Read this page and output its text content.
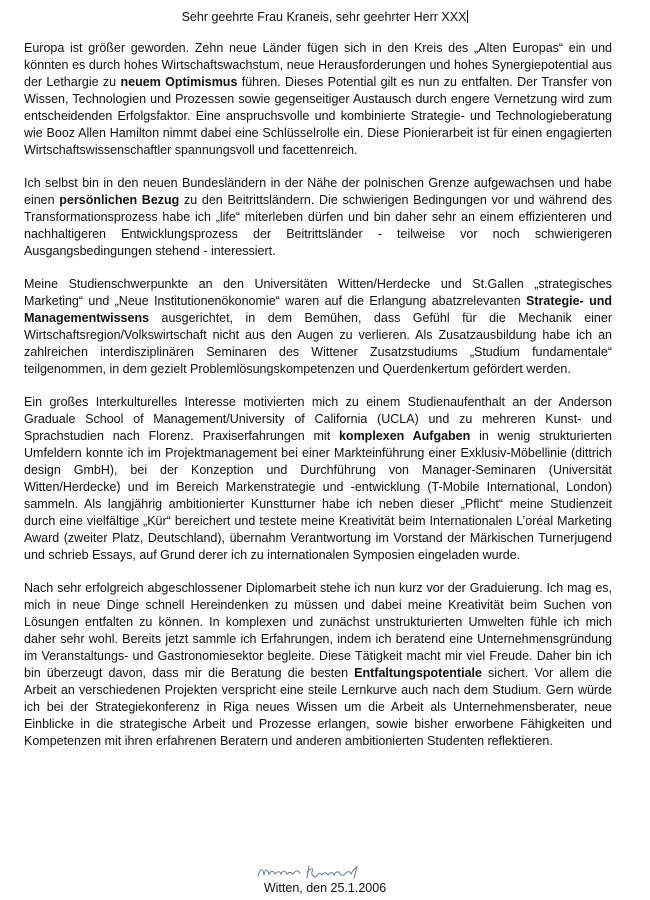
Sehr geehrte Frau Kraneis, sehr geehrter Herr XXX

Europa ist größer geworden. Zehn neue Länder fügen sich in den Kreis des „Alten Europas“ ein und könnten es durch hohes Wirtschaftswachstum, neue Herausforderungen und hohes Synergiepotential aus der Lethargie zu neuem Optimismus führen. Dieses Potential gilt es nun zu entfalten. Der Transfer von Wissen, Technologien und Prozessen sowie gegenseitiger Austausch durch engere Vernetzung wird zum entscheidenden Erfolgsfaktor. Eine anspruchsvolle und kombinierte Strategie- und Technologieberatung wie Booz Allen Hamilton nimmt dabei eine Schlüsselrolle ein. Diese Pionierarbeit ist für einen engagierten Wirtschaftswissenschaftler spannungsvoll und facettenreich.

Ich selbst bin in den neuen Bundesländern in der Nähe der polnischen Grenze aufgewachsen und habe einen persönlichen Bezug zu den Beitrittsländern. Die schwierigen Bedingungen vor und während des Transformationsprozess habe ich „life“ miterleben dürfen und bin daher sehr an einem effizienteren und nachhaltigeren Entwicklungsprozess der Beitrittsländer - teilweise vor noch schwierigeren Ausgangsbedingungen stehend - interessiert.

Meine Studienschwerpunkte an den Universitäten Witten/Herdecke und St.Gallen „strategisches Marketing“ und „Neue Institutionenökonomie“ waren auf die Erlangung abatzrelevanten Strategie- und Managementwissens ausgerichtet, in dem Bemühen, dass Gefühl für die Mechanik einer Wirtschaftsregion/Volkswirtschaft nicht aus den Augen zu verlieren. Als Zusatzausbildung habe ich an zahlreichen interdisziplinären Seminaren des Wittener Zusatzstudiums „Studium fundamentale“ teilgenommen, in dem gezielt Problemlösungskompetenzen und Querdenkertum gefördert werden.

Ein großes Interkulturelles Interesse motivierten mich zu einem Studienaufenthalt an der Anderson Graduale School of Management/University of California (UCLA) und zu mehreren Kunst- und Sprachstudien nach Florenz. Praxiserfahrungen mit komplexen Aufgaben in wenig strukturierten Umfeldern konnte ich im Projektmanagement bei einer Markteinführung einer Exklusiv-Möbellinie (dittrich design GmbH), bei der Konzeption und Durchführung von Manager-Seminaren (Universität Witten/Herdecke) und im Bereich Markenstrategie und -entwicklung (T-Mobile International, London) sammeln. Als langjährig ambitionierter Kunstturner habe ich neben dieser „Pflicht“ meine Studienzeit durch eine vielfältige „Kür“ bereichert und testete meine Kreativität beim Internationalen L’oréal Marketing Award (zweiter Platz, Deutschland), übernahm Verantwortung im Vorstand der Märkischen Turnerjugend und schrieb Essays, auf Grund derer ich zu internationalen Symposien eingeladen wurde.

Nach sehr erfolgreich abgeschlossener Diplomarbeit stehe ich nun kurz vor der Graduierung. Ich mag es, mich in neue Dinge schnell Hereindenken zu müssen und dabei meine Kreativität beim Suchen von Lösungen entfalten zu können. In komplexen und zunächst unstrukturierten Umwelten fühle ich mich daher sehr wohl. Bereits jetzt sammle ich Erfahrungen, indem ich beratend eine Unternehmensgründung im Veranstaltungs- und Gastronomiesektor begleite. Diese Tätigkeit macht mir viel Freude. Daher bin ich bin überzeugt davon, dass mir die Beratung die besten Entfaltungspotentiale sichert. Vor allem die Arbeit an verschiedenen Projekten verspricht eine steile Lernkurve auch nach dem Studium. Gern würde ich bei der Strategiekonferenz in Riga neues Wissen um die Arbeit als Unternehmensberater, neue Einblicke in die strategische Arbeit und Prozesse erlangen, sowie bisher erworbene Fähigkeiten und Kompetenzen mit ihren erfahrenen Beratern und anderen ambitionierten Studenten reflektieren.

Witten, den 25.1.2006
